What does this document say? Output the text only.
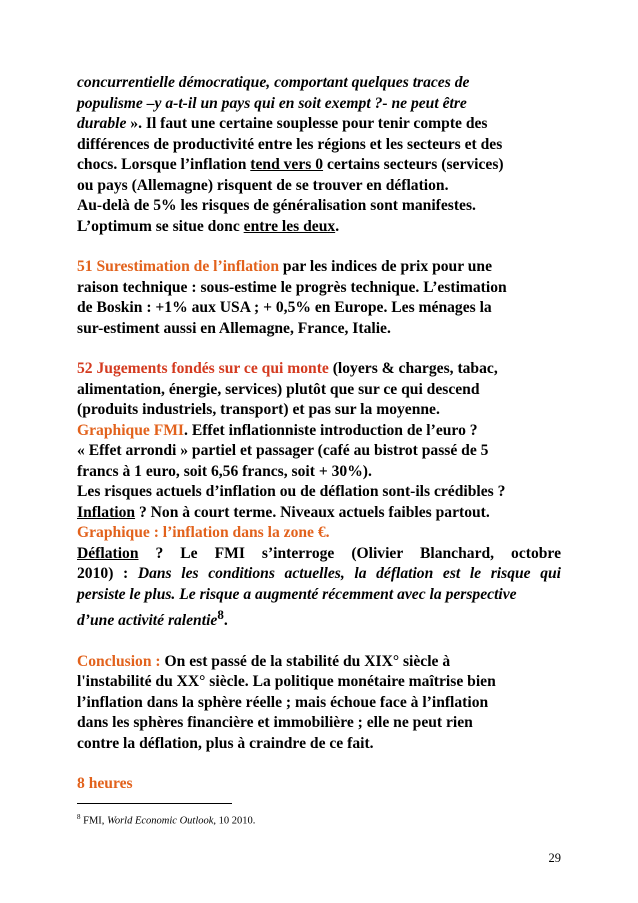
concurrentielle démocratique, comportant quelques traces de

populisme –y a-t-il un pays qui en soit exempt ?- ne peut être

durable ». Il faut une certaine souplesse pour tenir compte des

différences de productivité entre les régions et les secteurs et des

chocs. Lorsque l’inflation tend vers 0 certains secteurs (services)

ou pays (Allemagne) risquent de se trouver en déflation.

Au-delà de 5% les risques de généralisation sont manifestes.

L’optimum se situe donc entre les deux.

51 Surestimation de l’inflation par les indices de prix pour une

raison technique : sous-estime le progrès technique. L’estimation

de Boskin : +1% aux USA ; + 0,5% en Europe. Les ménages la

sur-estiment aussi en Allemagne, France, Italie.

52 Jugements fondés sur ce qui monte (loyers & charges, tabac,

alimentation, énergie, services) plutôt que sur ce qui descend

(produits industriels, transport) et pas sur la moyenne.

Graphique FMI. Effet inflationniste introduction de l’euro ?

« Effet arrondi » partiel et passager (café au bistrot passé de 5

francs à 1 euro, soit 6,56 francs, soit + 30%).

Les risques actuels d’inflation ou de déflation sont-ils crédibles ?

Inflation ? Non à court terme. Niveaux actuels faibles partout.

Graphique : l’inflation dans la zone €.

Déflation ? Le FMI s’interroge (Olivier Blanchard, octobre

2010) : Dans les conditions actuelles, la déflation est le risque qui

persiste le plus. Le risque a augmenté récemment avec la perspective

d’une activité ralentie$^8$.

Conclusion : On est passé de la stabilité du XIX° siècle à

l'instabilité du XX° siècle. La politique monétaire maîtrise bien

l’inflation dans la sphère réelle ; mais échoue face à l’inflation

dans les sphères financière et immobilière ; elle ne peut rien

contre la déflation, plus à craindre de ce fait.

8 heures

$^8$ FMI, World Economic Outlook, 10 2010.
29
